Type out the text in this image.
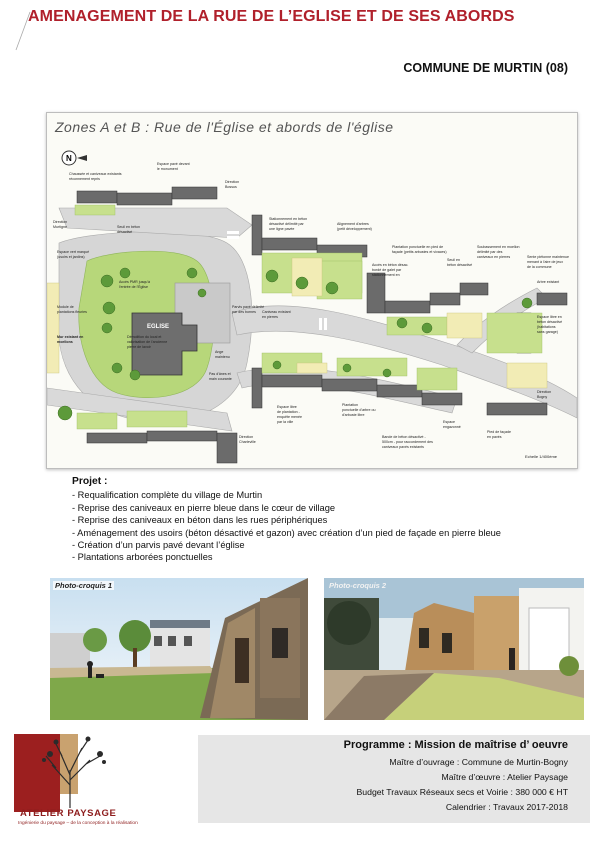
AMENAGEMENT DE LA RUE DE L’EGLISE ET DE SES ABORDS
COMMUNE DE MURTIN (08)
Zones A et B : Rue de l'Église et abords de l'église
N
EGLISE
Chaussée et caniveaux existants
réconnement repris
Espace pavé devant
le monument
Direction
Bossus
Direction
Murtigne	Seuil en béton
désactivé
Espace vert marqué
(usoirs et jardins)
Accès PMR jusqu'à
l'entrée de l'Église
Module de
plantations fleuries
Mur existant en
moellons
Stationnement en béton
désactivé délimité par
une ligne pavée
Alignement d'arbres
(petit développement)
Parvis pavé délimité
par des bornes
Démolition du local et
valorisation de l'ancienne
pierre de lavoir
Caniveau existant
en pierres
Ange
maintenu
Plantation ponctuelle en pied de
façade (petits arbustes et vivaces)
Accès en béton désac.
bordé de galet par
stationnement en
Seuil en
béton désactivé
Soubassement en moellon
délimité par des
caniveaux en pierres	Sente piétonne maintenue
menant à l'aire de jeux
de la commune
Arbre existant
Espace libre en
béton désactivé
(habitations
sans garage)
Pas d'ânes et
main courante
Espace libre
de plantation -
enquête menée
par la ville
Plantation
ponctuelle d'arbre ou
d'arbuste libre
Bande de béton désactivé -
500cm - pour raccordement des
caniveaux pavés existants
Espace
engazonné
Pied de façade
en pavés
Direction
Bogny
Direction
Charleville
Echelle 1/400ème
Projet :
- Requalification complète du village de Murtin
- Reprise des caniveaux en pierre bleue dans le cœur de village
- Reprise des caniveaux en béton dans les rues périphériques
- Aménagement des usoirs (béton désactivé et gazon) avec création d’un pied de façade en pierre bleue
- Création d’un parvis pavé devant l’église
- Plantations arborées ponctuelles
Photo-croquis 1	Photo-croquis 2
ATELIER PAYSAGE
Ingénierie du paysage – de la conception à la réalisation
Programme : Mission de maîtrise d’ oeuvre
Maître d’ouvrage : Commune de Murtin-Bogny
Maître d’œuvre : Atelier Paysage
Budget Travaux Réseaux secs et Voirie : 380 000 € HT
Calendrier : Travaux 2017-2018
